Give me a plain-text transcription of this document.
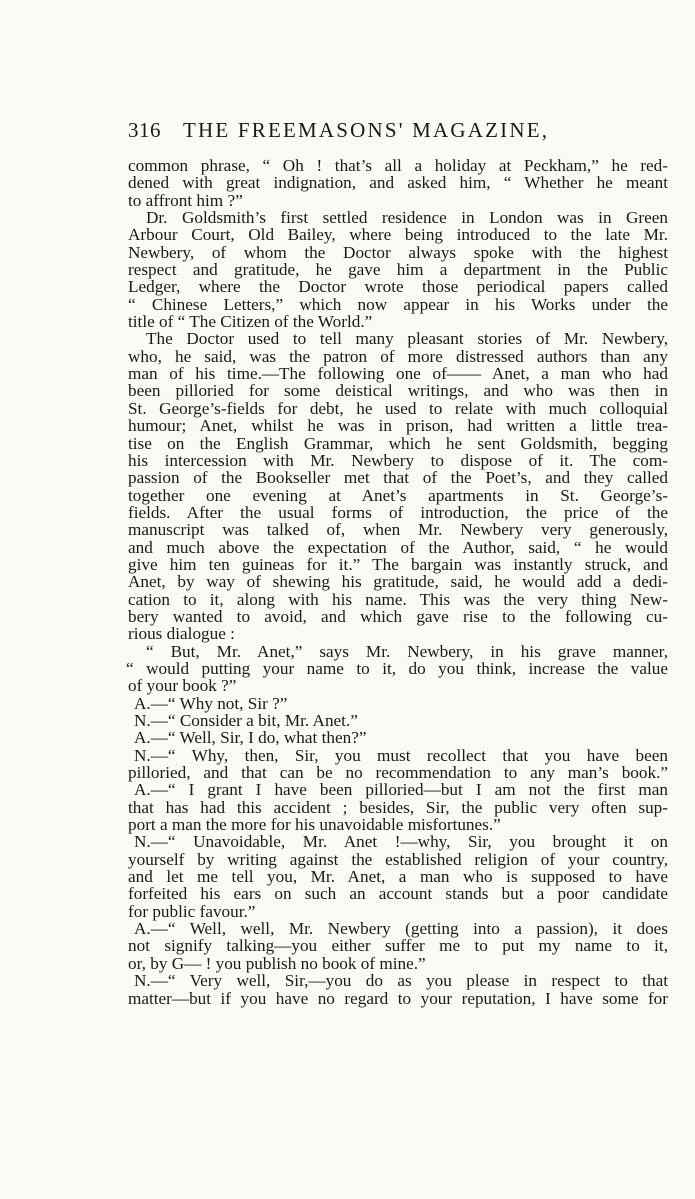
316 THE FREEMASONS' MAGAZINE,
common phrase, “ Oh ! that’s all a holiday at Peckham,” he red-
dened with great indignation, and asked him, “ Whether he meant
to affront him ?”
Dr. Goldsmith’s first settled residence in London was in Green
Arbour Court, Old Bailey, where being introduced to the late Mr.
Newbery, of whom the Doctor always spoke with the highest
respect and gratitude, he gave him a department in the Public
Ledger, where the Doctor wrote those periodical papers called
“ Chinese Letters,” which now appear in his Works under the
title of “ The Citizen of the World.”
The Doctor used to tell many pleasant stories of Mr. Newbery,
who, he said, was the patron of more distressed authors than any
man of his time.—The following one of—— Anet, a man who had
been pilloried for some deistical writings, and who was then in
St. George’s-fields for debt, he used to relate with much colloquial
humour; Anet, whilst he was in prison, had written a little trea-
tise on the English Grammar, which he sent Goldsmith, begging
his intercession with Mr. Newbery to dispose of it. The com-
passion of the Bookseller met that of the Poet’s, and they called
together one evening at Anet’s apartments in St. George’s-
fields. After the usual forms of introduction, the price of the
manuscript was talked of, when Mr. Newbery very generously,
and much above the expectation of the Author, said, “ he would
give him ten guineas for it.” The bargain was instantly struck, and
Anet, by way of shewing his gratitude, said, he would add a dedi-
cation to it, along with his name. This was the very thing New-
bery wanted to avoid, and which gave rise to the following cu-
rious dialogue :
“ But, Mr. Anet,” says Mr. Newbery, in his grave manner,
“ would putting your name to it, do you think, increase the value
of your book ?”
A.—“ Why not, Sir ?”
N.—“ Consider a bit, Mr. Anet.”
A.—“ Well, Sir, I do, what then?”
N.—“ Why, then, Sir, you must recollect that you have been
pilloried, and that can be no recommendation to any man’s book.”
A.—“ I grant I have been pilloried—but I am not the first man
that has had this accident ; besides, Sir, the public very often sup-
port a man the more for his unavoidable misfortunes.”
N.—“ Unavoidable, Mr. Anet !—why, Sir, you brought it on
yourself by writing against the established religion of your country,
and let me tell you, Mr. Anet, a man who is supposed to have
forfeited his ears on such an account stands but a poor candidate
for public favour.”
A.—“ Well, well, Mr. Newbery (getting into a passion), it does
not signify talking—you either suffer me to put my name to it,
or, by G— ! you publish no book of mine.”
N.—“ Very well, Sir,—you do as you please in respect to that
matter—but if you have no regard to your reputation, I have some for
